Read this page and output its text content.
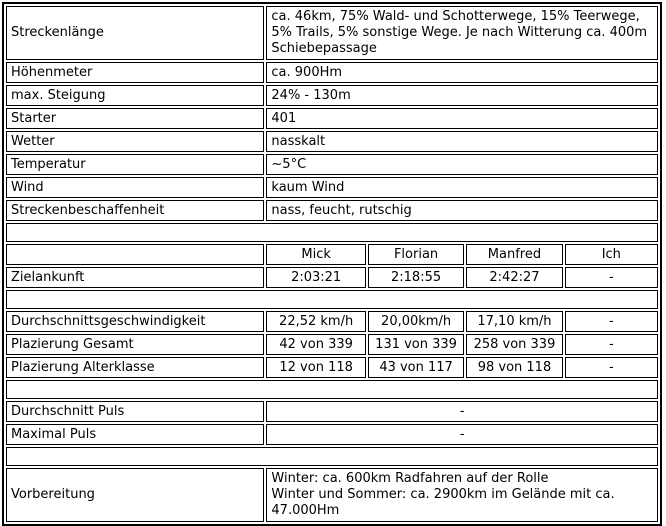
Streckenlänge	ca. 46km, 75% Wald- und Schotterwege, 15% Teerwege, 5% Trails, 5% sonstige Wege. Je nach Witterung ca. 400m Schiebepassage			
Höhenmeter	ca. 900Hm			
max. Steigung	24% - 130m			
Starter	401			
Wetter	nasskalt			
Temperatur	~5°C			
Wind	kaum Wind			
Streckenbeschaffenheit	nass, feucht, rutschig			

	Mick	Florian	Manfred	Ich
Zielankunft	2:03:21	2:18:55	2:42:27	-

Durchschnittsgeschwindigkeit	22,52 km/h	20,00km/h	17,10 km/h	-
Plazierung Gesamt	42 von 339	131 von 339	258 von 339	-
Plazierung Alterklasse	12 von 118	43 von 117	98 von 118	-

Durchschnitt Puls	-			
Maximal Puls	-			

Vorbereitung	Winter: ca. 600km Radfahren auf der Rolle
Winter und Sommer: ca. 2900km im Gelände mit ca. 47.000Hm			
